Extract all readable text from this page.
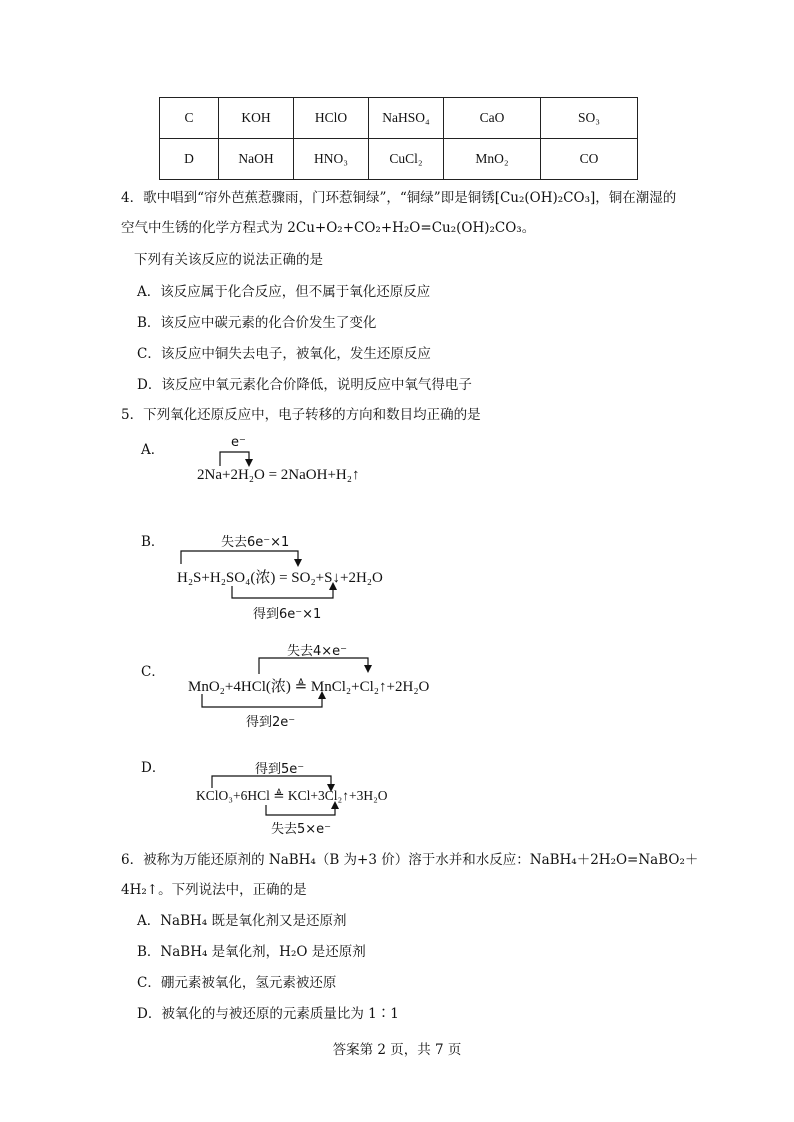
C	KOH	HClO	NaHSO₄	CaO	SO₃
D	NaOH	HNO₃	CuCl₂	MnO₂	CO
4．歌中唱到“帘外芭蕉惹骤雨，门环惹铜绿”，“铜绿”即是铜锈[Cu₂(OH)₂CO₃]，铜在潮湿的
空气中生锈的化学方程式为 2Cu+O₂+CO₂+H₂O=Cu₂(OH)₂CO₃。
下列有关该反应的说法正确的是
A．该反应属于化合反应，但不属于氧化还原反应
B．该反应中碳元素的化合价发生了变化
C．该反应中铜失去电子，被氧化，发生还原反应
D．该反应中氧元素化合价降低，说明反应中氧气得电子
5．下列氧化还原反应中，电子转移的方向和数目均正确的是
A．	e⁻
2Na+2H₂O = 2NaOH+H₂↑
B．	失去6e⁻×1
H₂S+H₂SO₄(浓) = SO₂+S↓+2H₂O
得到6e⁻×1
C．
失去4×e⁻
MnO₂+4HCl(浓) ≜ MnCl₂+Cl₂↑+2H₂O
得到2e⁻
D．	得到5e⁻
KClO₃+6HCl ≜ KCl+3Cl₂↑+3H₂O
失去5×e⁻
6．被称为万能还原剂的 NaBH₄（B 为+3 价）溶于水并和水反应：NaBH₄＋2H₂O=NaBO₂＋
4H₂↑。下列说法中，正确的是
A．NaBH₄ 既是氧化剂又是还原剂
B．NaBH₄ 是氧化剂，H₂O 是还原剂
C．硼元素被氧化，氢元素被还原
D．被氧化的与被还原的元素质量比为 1∶1
答案第 2 页，共 7 页
